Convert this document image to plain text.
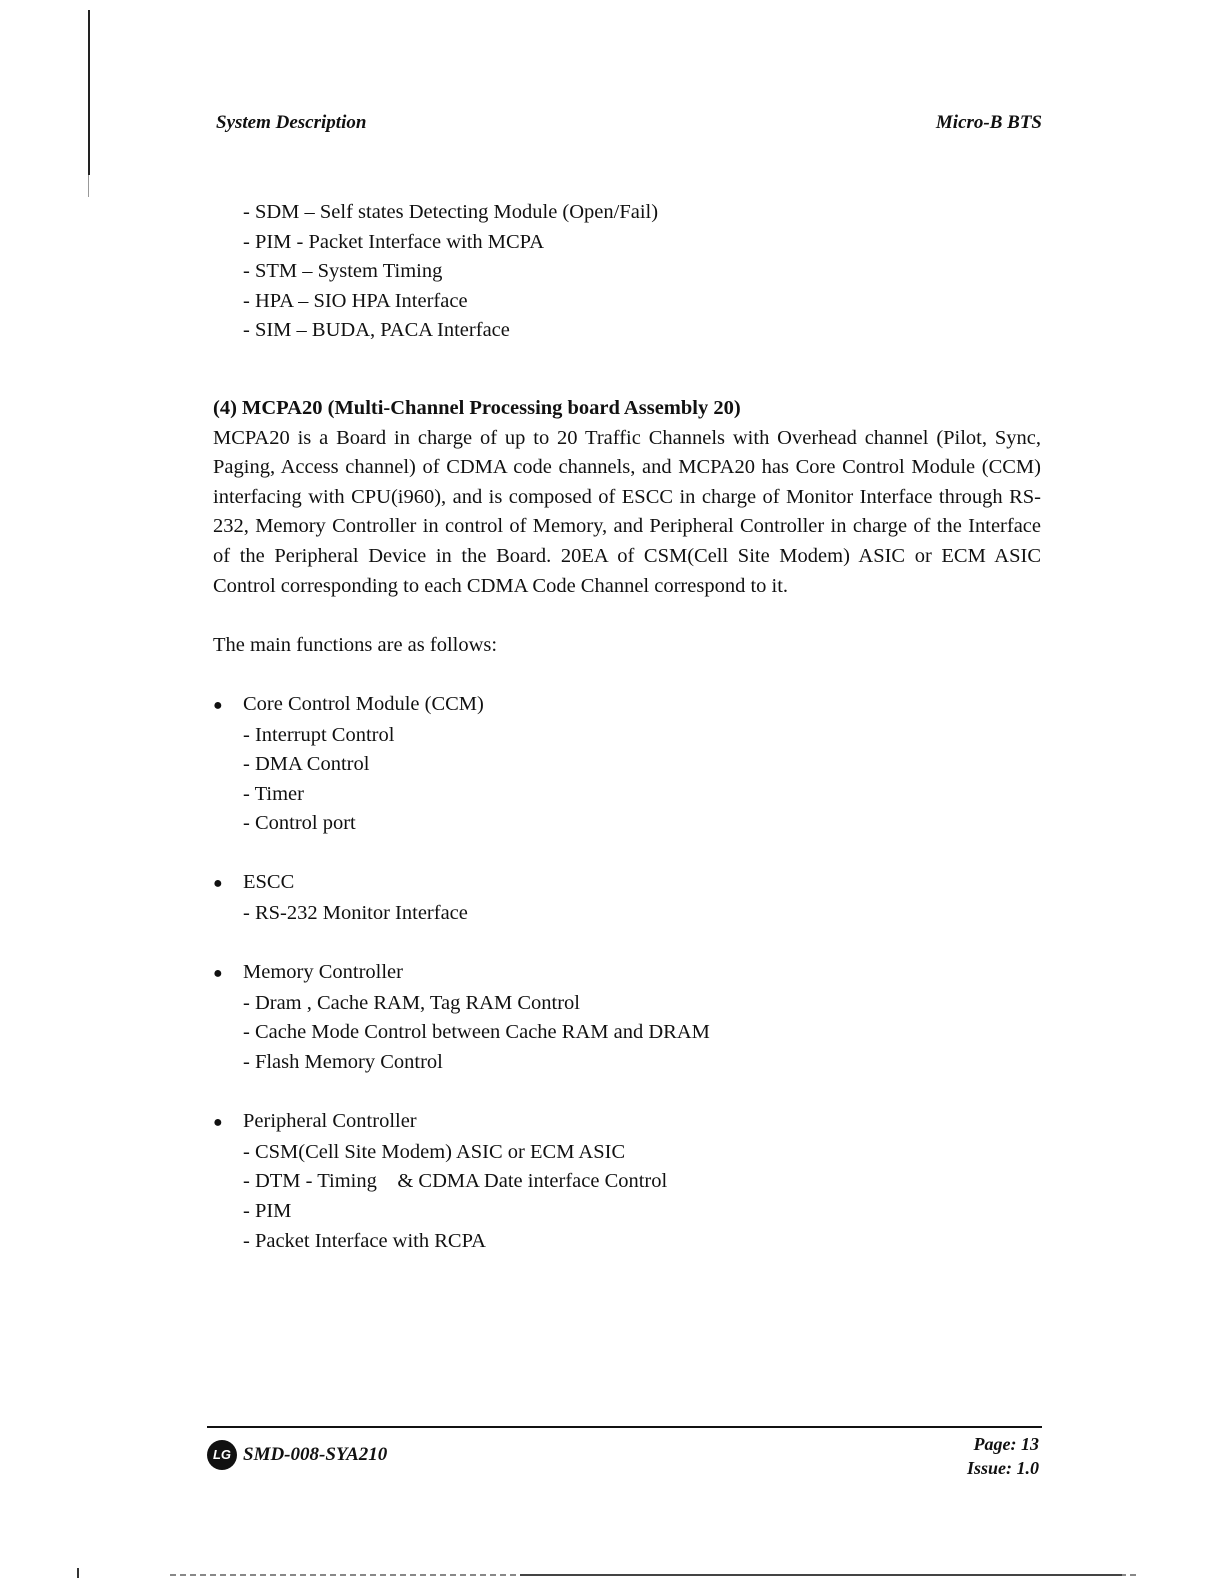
System Description	Micro-B BTS

- SDM – Self states Detecting Module (Open/Fail)

- PIM - Packet Interface with MCPA

- STM – System Timing

- HPA – SIO HPA Interface

- SIM – BUDA, PACA Interface

(4) MCPA20 (Multi-Channel Processing board Assembly 20)

MCPA20 is a Board in charge of up to 20 Traffic Channels with Overhead channel (Pilot, Sync, Paging, Access channel) of CDMA code channels, and MCPA20 has Core Control Module (CCM) interfacing with CPU(i960), and is composed of ESCC in charge of Monitor Interface through RS-232, Memory Controller in control of Memory, and Peripheral Controller in charge of the Interface of the Peripheral Device in the Board. 20EA of CSM(Cell Site Modem) ASIC or ECM ASIC Control corresponding to each CDMA Code Channel correspond to it.

The main functions are as follows:

● Core Control Module (CCM)

- Interrupt Control

- DMA Control

- Timer

- Control port

● ESCC

- RS-232 Monitor Interface

● Memory Controller

- Dram , Cache RAM, Tag RAM Control

- Cache Mode Control between Cache RAM and DRAM

- Flash Memory Control

● Peripheral Controller

- CSM(Cell Site Modem) ASIC or ECM ASIC

- DTM - Timing    & CDMA Date interface Control

- PIM

- Packet Interface with RCPA

LG SMD-008-SYA210	Page: 13
Issue: 1.0
